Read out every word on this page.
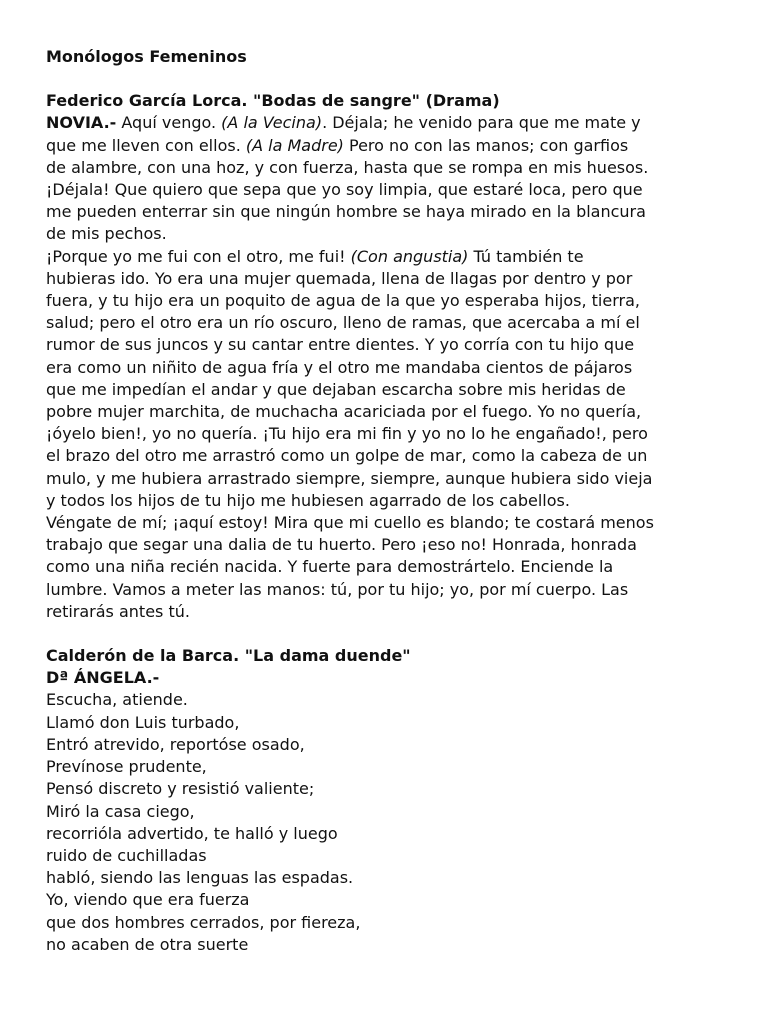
Monólogos Femeninos
Federico García Lorca. "Bodas de sangre" (Drama)
NOVIA.- Aquí vengo. (A la Vecina). Déjala; he venido para que me mate y
que me lleven con ellos. (A la Madre) Pero no con las manos; con garfios
de alambre, con una hoz, y con fuerza, hasta que se rompa en mis huesos.
¡Déjala! Que quiero que sepa que yo soy limpia, que estaré loca, pero que
me pueden enterrar sin que ningún hombre se haya mirado en la blancura
de mis pechos.
¡Porque yo me fui con el otro, me fui! (Con angustia) Tú también te
hubieras ido. Yo era una mujer quemada, llena de llagas por dentro y por
fuera, y tu hijo era un poquito de agua de la que yo esperaba hijos, tierra,
salud; pero el otro era un río oscuro, lleno de ramas, que acercaba a mí el
rumor de sus juncos y su cantar entre dientes. Y yo corría con tu hijo que
era como un niñito de agua fría y el otro me mandaba cientos de pájaros
que me impedían el andar y que dejaban escarcha sobre mis heridas de
pobre mujer marchita, de muchacha acariciada por el fuego. Yo no quería,
¡óyelo bien!, yo no quería. ¡Tu hijo era mi fin y yo no lo he engañado!, pero
el brazo del otro me arrastró como un golpe de mar, como la cabeza de un
mulo, y me hubiera arrastrado siempre, siempre, aunque hubiera sido vieja
y todos los hijos de tu hijo me hubiesen agarrado de los cabellos.
Véngate de mí; ¡aquí estoy! Mira que mi cuello es blando; te costará menos
trabajo que segar una dalia de tu huerto. Pero ¡eso no! Honrada, honrada
como una niña recién nacida. Y fuerte para demostrártelo. Enciende la
lumbre. Vamos a meter las manos: tú, por tu hijo; yo, por mí cuerpo. Las
retirarás antes tú.
Calderón de la Barca. "La dama duende"
Dª ÁNGELA.-
Escucha, atiende.
Llamó don Luis turbado,
Entró atrevido, reportóse osado,
Prevínose prudente,
Pensó discreto y resistió valiente;
Miró la casa ciego,
recorrióla advertido, te halló y luego
ruido de cuchilladas
habló, siendo las lenguas las espadas.
Yo, viendo que era fuerza
que dos hombres cerrados, por fiereza,
no acaben de otra suerte
